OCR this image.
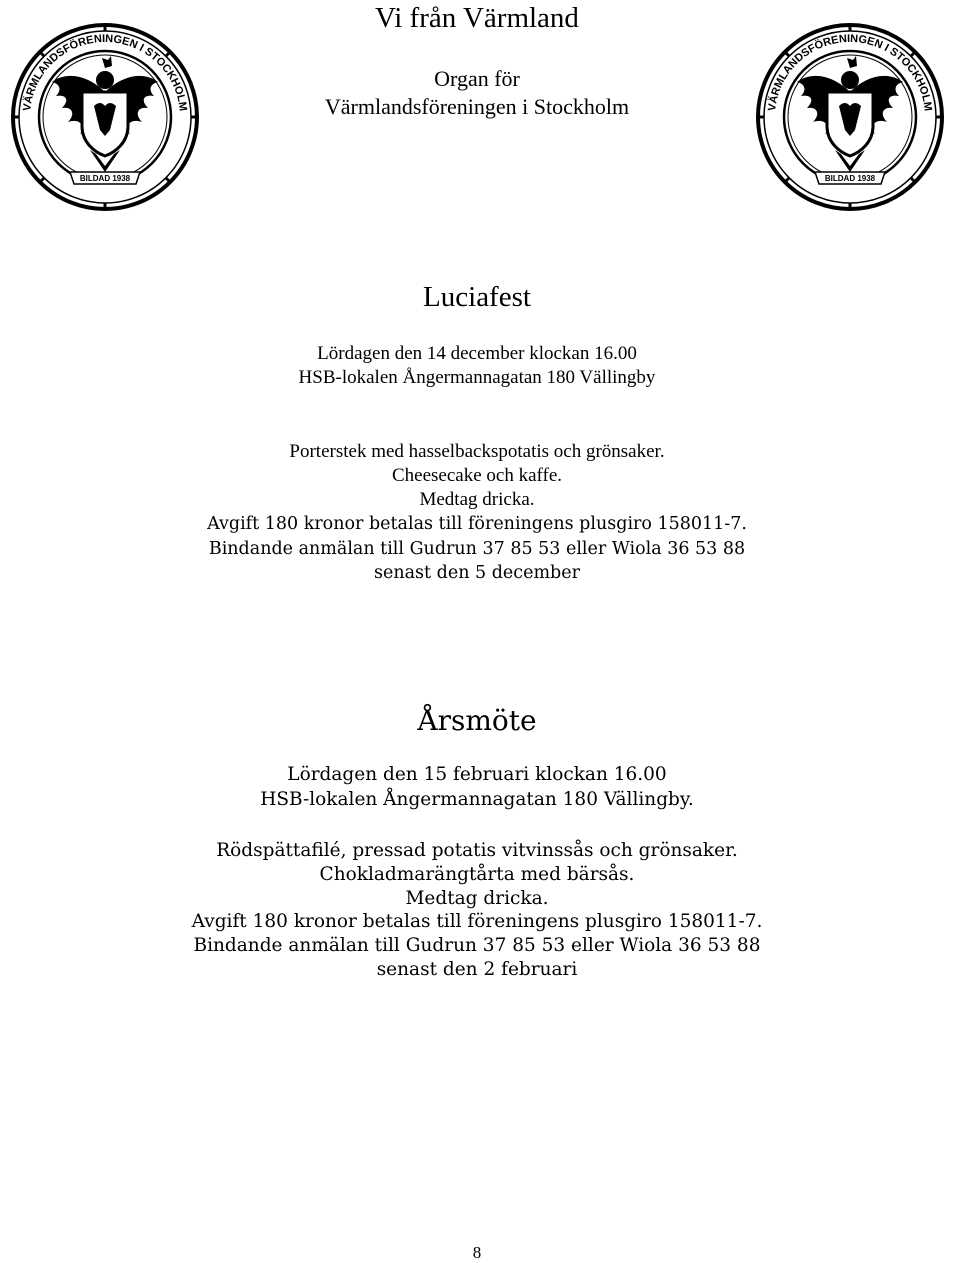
VÄRMLANDSFÖRENINGEN I STOCKHOLM
BILDAD 1938
VÄRMLANDSFÖRENINGEN I STOCKHOLM
BILDAD 1938
Vi från Värmland
Organ för
Värmlandsföreningen i Stockholm
Luciafest
Lördagen den 14 december klockan 16.00
HSB-lokalen Ångermannagatan 180 Vällingby
Porterstek med hasselbackspotatis och grönsaker.
Cheesecake och kaffe.
Medtag dricka.
Avgift 180 kronor betalas till föreningens plusgiro 158011-7.
Bindande anmälan till Gudrun 37 85 53 eller Wiola 36 53 88
senast den 5 december
Årsmöte
Lördagen den 15 februari klockan 16.00
HSB-lokalen Ångermannagatan 180 Vällingby.
Rödspättafilé, pressad potatis vitvinssås och grönsaker.
Chokladmarängtårta med bärsås.
Medtag dricka.
Avgift 180 kronor betalas till föreningens plusgiro 158011-7.
Bindande anmälan till Gudrun 37 85 53 eller Wiola 36 53 88
senast den 2 februari
8
